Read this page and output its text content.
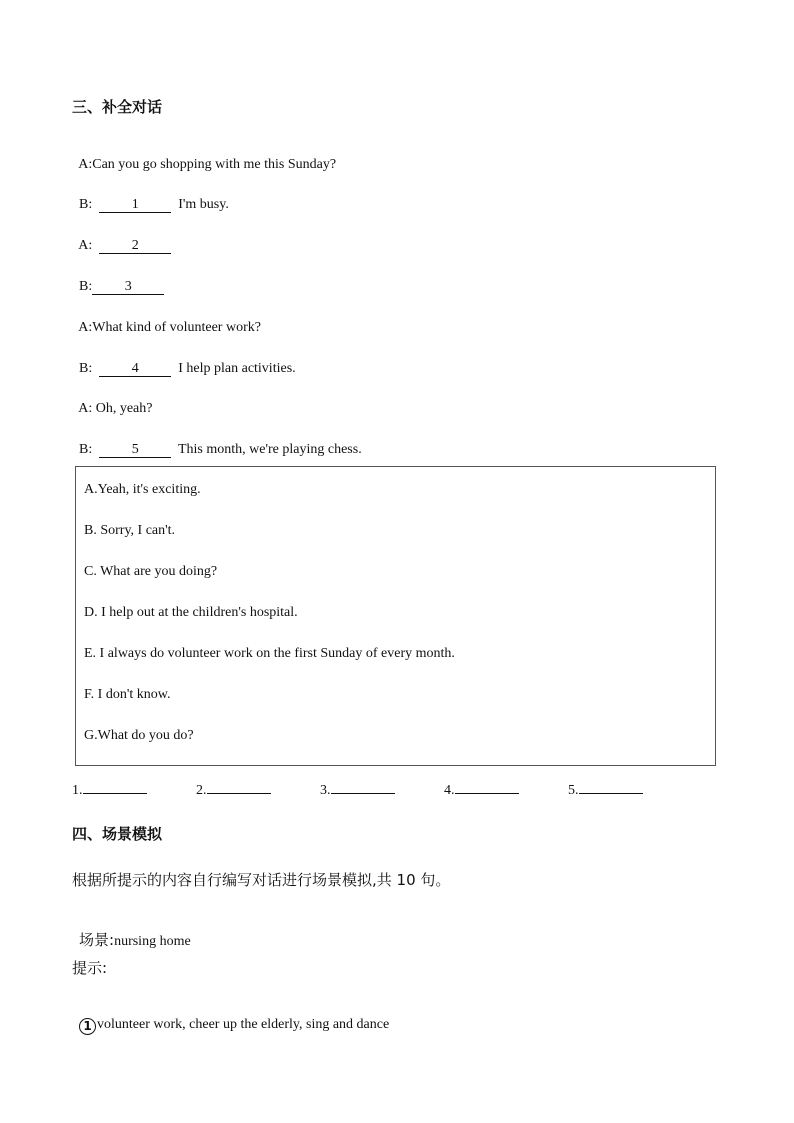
三、补全对话

A:Can you go shopping with me this Sunday?

B:	1	I'm busy.

A:	2

B: 3

A:What kind of volunteer work?

B:	4	I help plan activities.

A: Oh, yeah?

B:	5	This month, we're playing chess.

A.Yeah, it's exciting.
B. Sorry, I can't.
C. What are you doing?
D. I help out at the children's hospital.
E. I always do volunteer work on the first Sunday of every month.
F. I don't know.
G.What do you do?
1.	2.	3.	4.	5.
四、场景模拟
根据所提示的内容自行编写对话进行场景模拟,共 10 句。

场景:nursing home

提示:

1 volunteer work, cheer up the elderly, sing and dance
